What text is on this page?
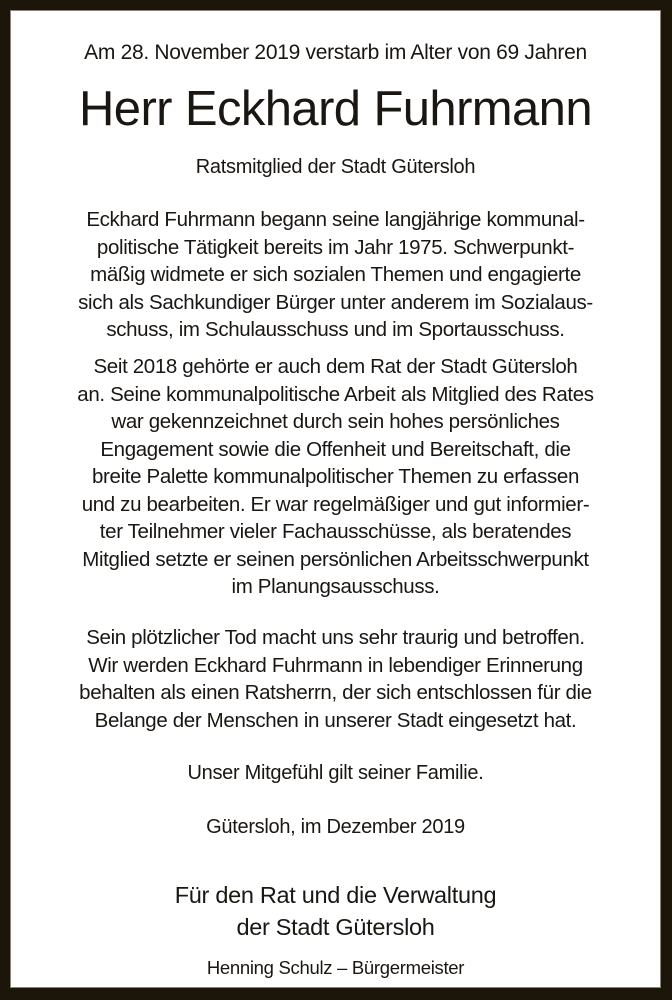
Am 28. November 2019 verstarb im Alter von 69 Jahren
Herr Eckhard Fuhrmann
Ratsmitglied der Stadt Gütersloh
Eckhard Fuhrmann begann seine langjährige kommunal-
politische Tätigkeit bereits im Jahr 1975. Schwerpunkt-
mäßig widmete er sich sozialen Themen und engagierte
sich als Sachkundiger Bürger unter anderem im Sozialaus-
schuss, im Schulausschuss und im Sportausschuss.
Seit 2018 gehörte er auch dem Rat der Stadt Gütersloh
an. Seine kommunalpolitische Arbeit als Mitglied des Rates
war gekennzeichnet durch sein hohes persönliches
Engagement sowie die Offenheit und Bereitschaft, die
breite Palette kommunalpolitischer Themen zu erfassen
und zu bearbeiten. Er war regelmäßiger und gut informier-
ter Teilnehmer vieler Fachausschüsse, als beratendes
Mitglied setzte er seinen persönlichen Arbeitsschwerpunkt
im Planungsausschuss.
Sein plötzlicher Tod macht uns sehr traurig und betroffen.
Wir werden Eckhard Fuhrmann in lebendiger Erinnerung
behalten als einen Ratsherrn, der sich entschlossen für die
Belange der Menschen in unserer Stadt eingesetzt hat.
Unser Mitgefühl gilt seiner Familie.
Gütersloh, im Dezember 2019
Für den Rat und die Verwaltung
der Stadt Gütersloh
Henning Schulz – Bürgermeister
